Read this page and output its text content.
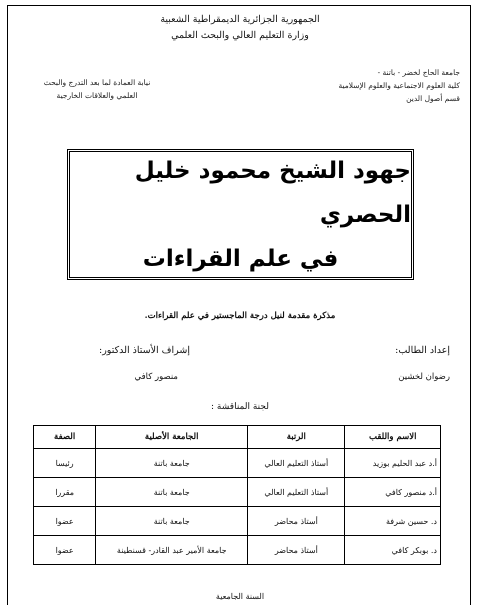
الجمهورية الجزائرية الديمقراطية الشعبية
وزارة التعليم العالي والبحث العلمي
جامعة الحاج لخضر - باتنة -
كلية العلوم الاجتماعية والعلوم الإسلامية
قسم أصول الدين
نيابة العمادة لما بعد التدرج والبحث
العلمي والعلاقات الخارجية
جهود الشيخ محمود خليل الحصري
في علم القراءات
مذكرة مقدمة لنيل درجة الماجستير في علم القراءات.
إعداد الطالب:
رضوان لخشين
إشراف الأستاذ الدكتور:
منصور كافي
لجنة المناقشة :
الاسم واللقب	الرتبة	الجامعة الأصلية	الصفة
أ.د عبد الحليم بوزيد	أستاذ التعليم العالي	جامعة باتنة	رئيسا
أ.د منصور كافي	أستاذ التعليم العالي	جامعة باتنة	مقررا
د. حسين شرفة	أستاذ محاضر	جامعة باتنة	عضوا
د. بوبكر كافي	أستاذ محاضر	جامعة الأمير عبد القادر- قسنطينة	عضوا
السنة الجامعية
